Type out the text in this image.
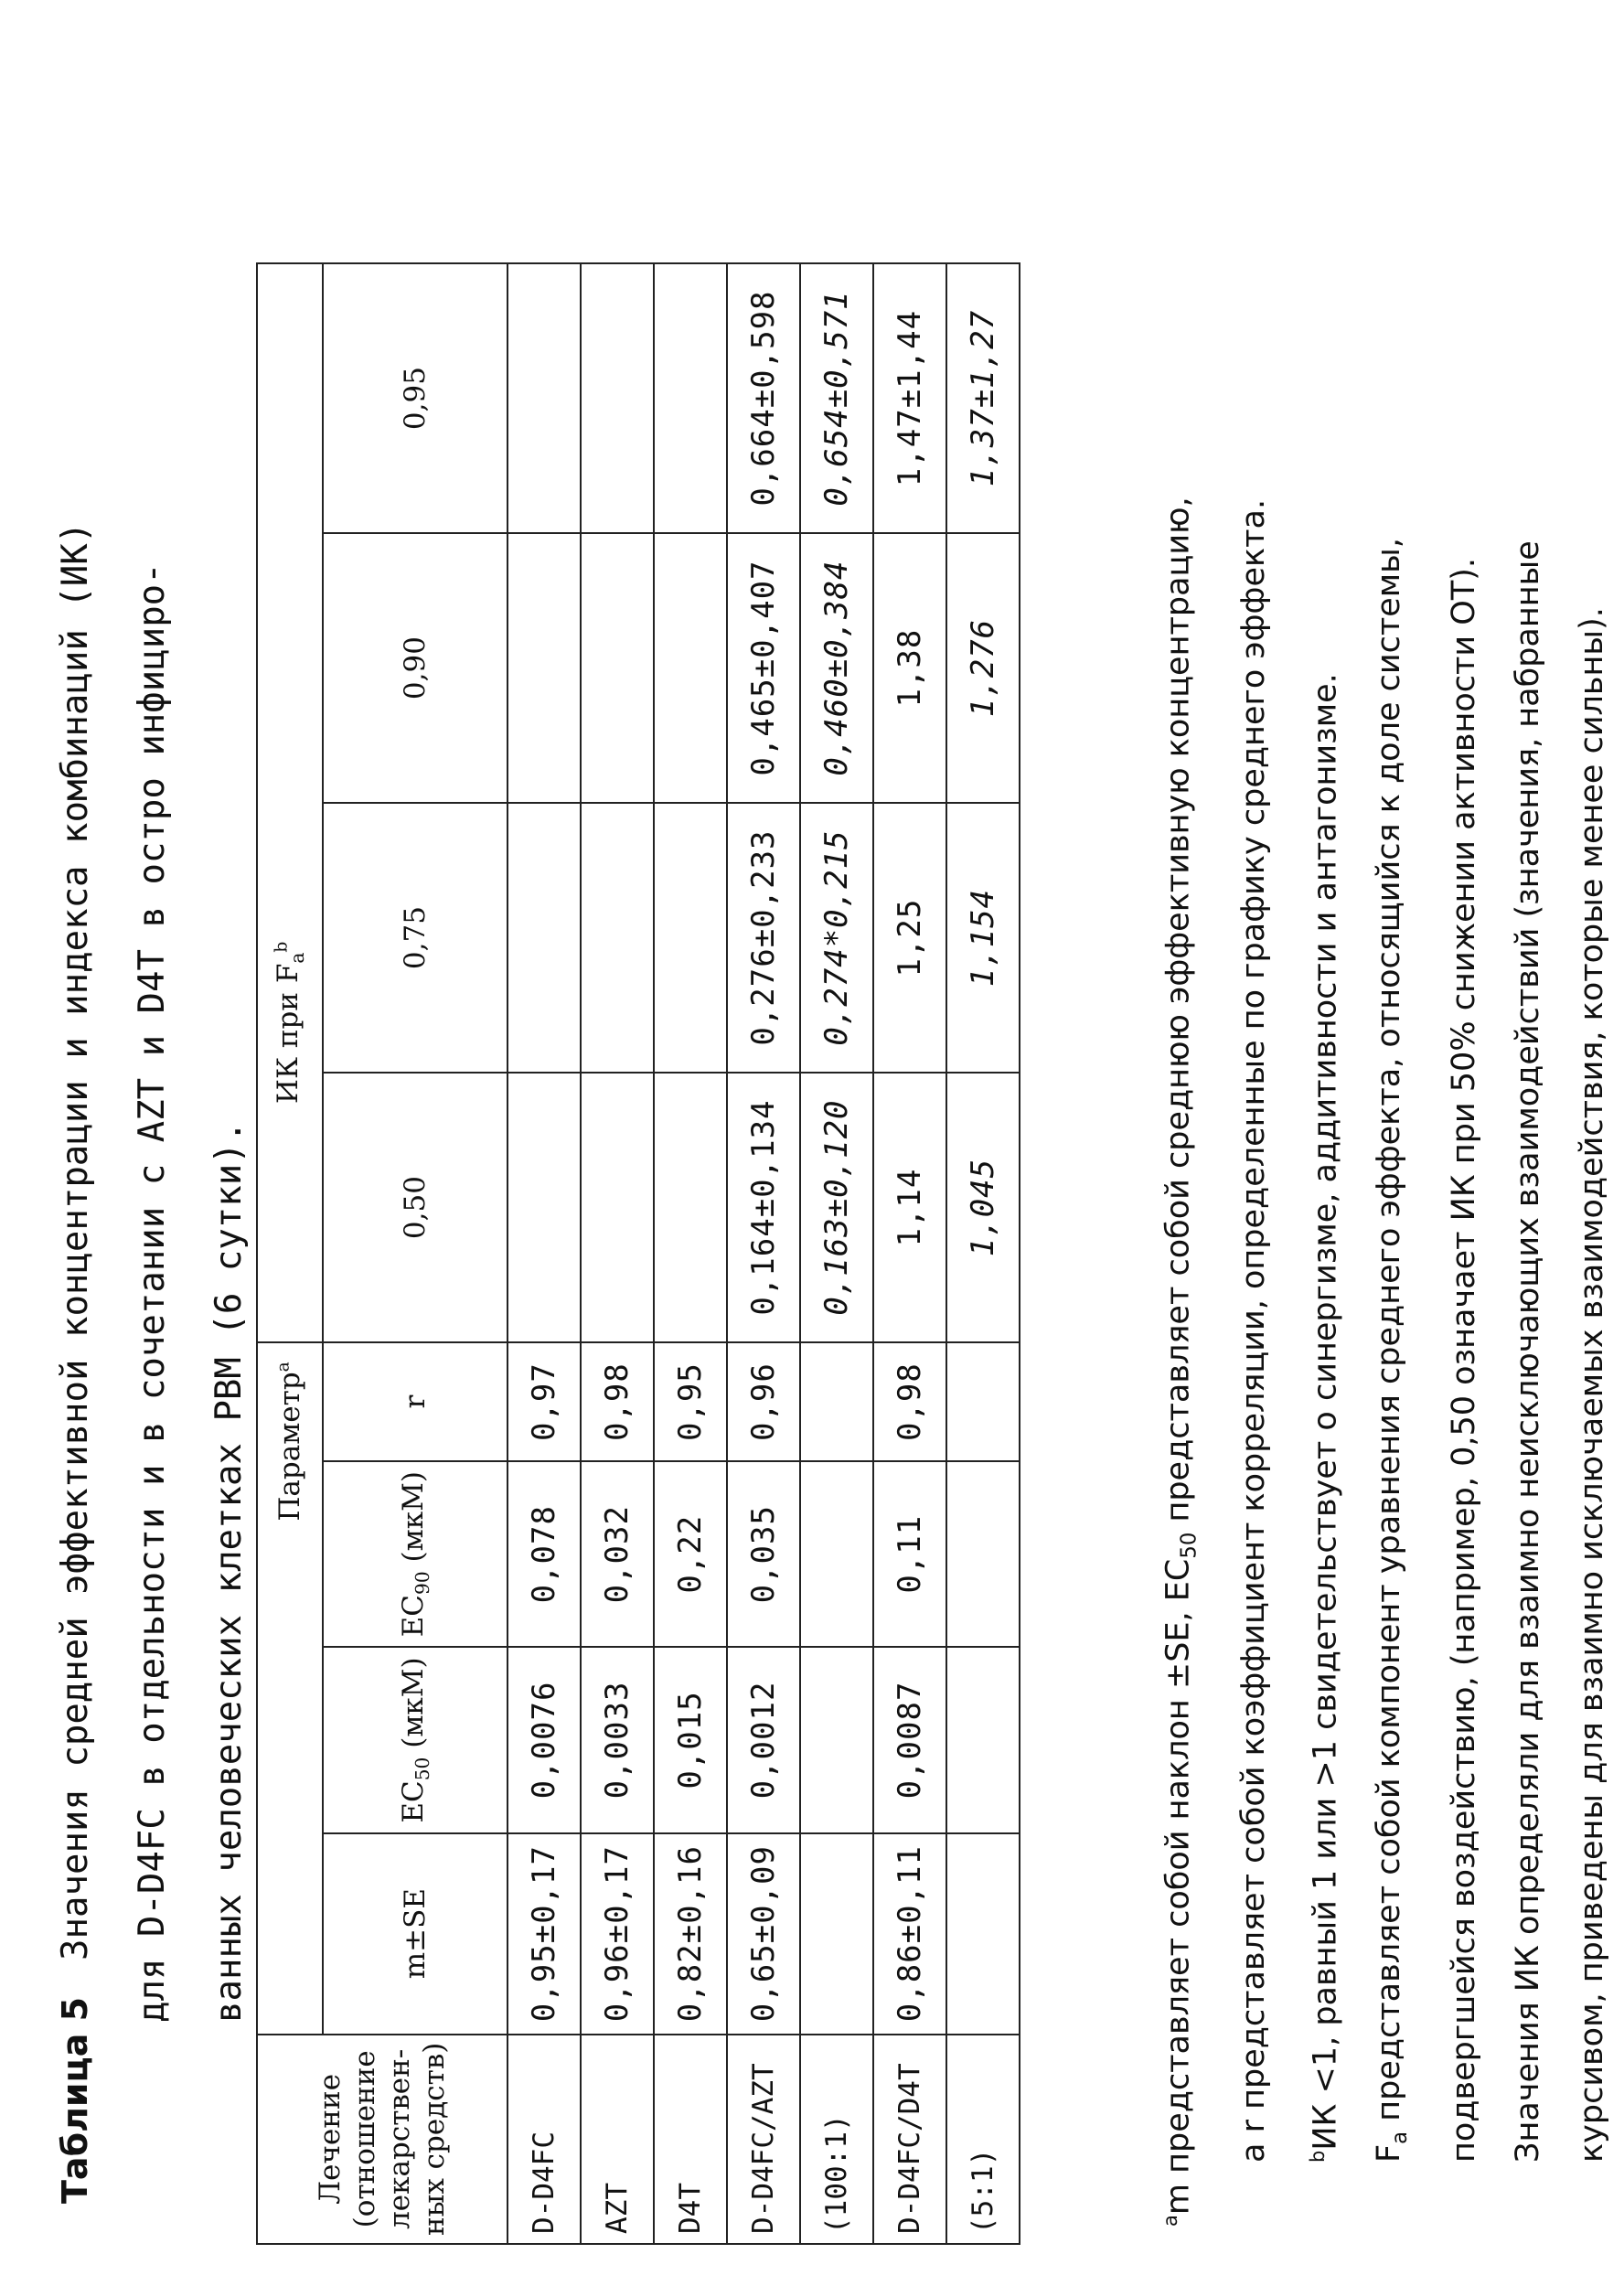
Таблица 5Значения средней эффективной концентрации и индекса комбинаций (ИК)	для D-D4FC в отдельности и в сочетании с AZT и D4T в остро инфициро-	ванных человеческих клетках PBM (6 сутки).
Лечение (отношение лекарствен- ных средств)	Параметр$^a$				ИК при $F_a^b$
	m±SE	$EC_{50}$ (мкМ)	$EC_{90}$ (мкМ)	r	0,50	0,75	0,90	0,95
D-D4FC	0,95±0,17	0,0076	0,078	0,97				
AZT	0,96±0,17	0,0033	0,032	0,98				
D4T	0,82±0,16	0,015	0,22	0,95				
D-D4FC/AZT	0,65±0,09	0,0012	0,035	0,96	0,164±0,134	0,276±0,233	0,465±0,407	0,664±0,598
(100:1)					0,163±0,120	0,274*0,215	0,460±0,384	0,654±0,571
D-D4FC/D4T	0,86±0,11	0,0087	0,11	0,98	1,14	1,25	1,38	1,47±1,44
(5:1)					1,045	1,154	1,276	1,37±1,27

$^a$m представляет собой наклон ±SE, $EC_{50}$ представляет собой среднюю эффективную концентрацию,	а r представляет собой коэффициент корреляции, определенные по графику среднего эффекта.	$^b$ИК <1, равный 1 или >1 свидетельствует о синергизме, аддитивности и антагонизме.

$F_a$ представляет собой компонент уравнения среднего эффекта, относящийся к доле системы,	подвергшейся воздействию, (например, 0,50 означает ИК при 50% снижении активности ОТ). Значения ИК определяли для взаимно неисключающих взаимодействий (значения, набранные курсивом, приведены для взаимно исключаемых взаимодействия, которые менее сильны).
